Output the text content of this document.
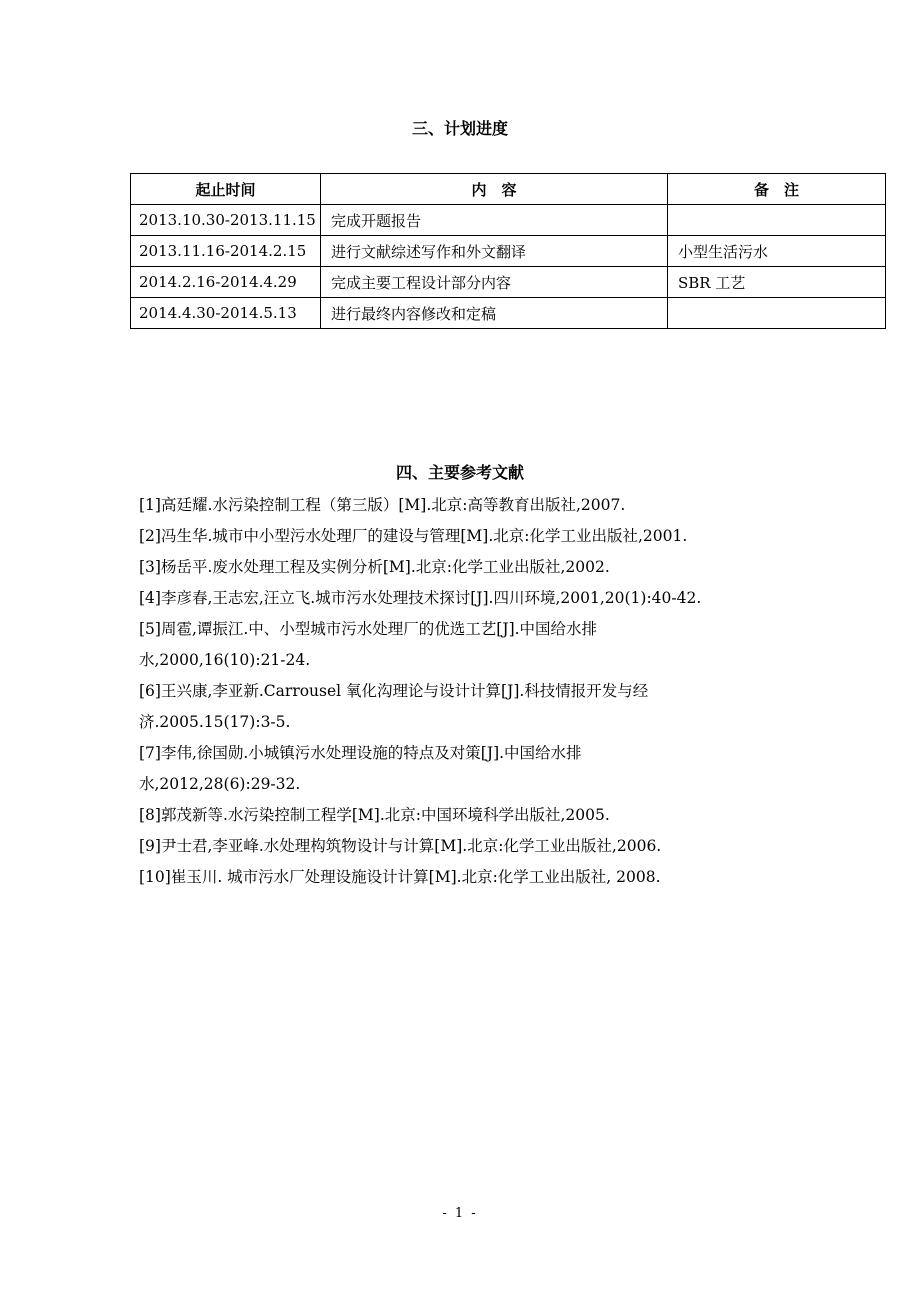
三、计划进度
起止时间	内　容	备　注
2013.10.30-2013.11.15	完成开题报告	
2013.11.16-2014.2.15	进行文献综述写作和外文翻译	小型生活污水
2014.2.16-2014.4.29	完成主要工程设计部分内容	SBR 工艺
2014.4.30-2014.5.13	进行最终内容修改和定稿	
四、主要参考文献
[1]高廷耀.水污染控制工程（第三版）[M].北京:高等教育出版社,2007.
[2]冯生华.城市中小型污水处理厂的建设与管理[M].北京:化学工业出版社,2001.
[3]杨岳平.废水处理工程及实例分析[M].北京:化学工业出版社,2002.
[4]李彦春,王志宏,汪立飞.城市污水处理技术探讨[J].四川环境,2001,20(1):40-42.
[5]周雹,谭振江.中、小型城市污水处理厂的优选工艺[J].中国给水排
水,2000,16(10):21-24.
[6]王兴康,李亚新.Carrousel 氧化沟理论与设计计算[J].科技情报开发与经
济.2005.15(17):3-5.
[7]李伟,徐国勋.小城镇污水处理设施的特点及对策[J].中国给水排
水,2012,28(6):29-32.
[8]郭茂新等.水污染控制工程学[M].北京:中国环境科学出版社,2005.
[9]尹士君,李亚峰.水处理构筑物设计与计算[M].北京:化学工业出版社,2006.
[10]崔玉川. 城市污水厂处理设施设计计算[M].北京:化学工业出版社, 2008.
- 1 -
